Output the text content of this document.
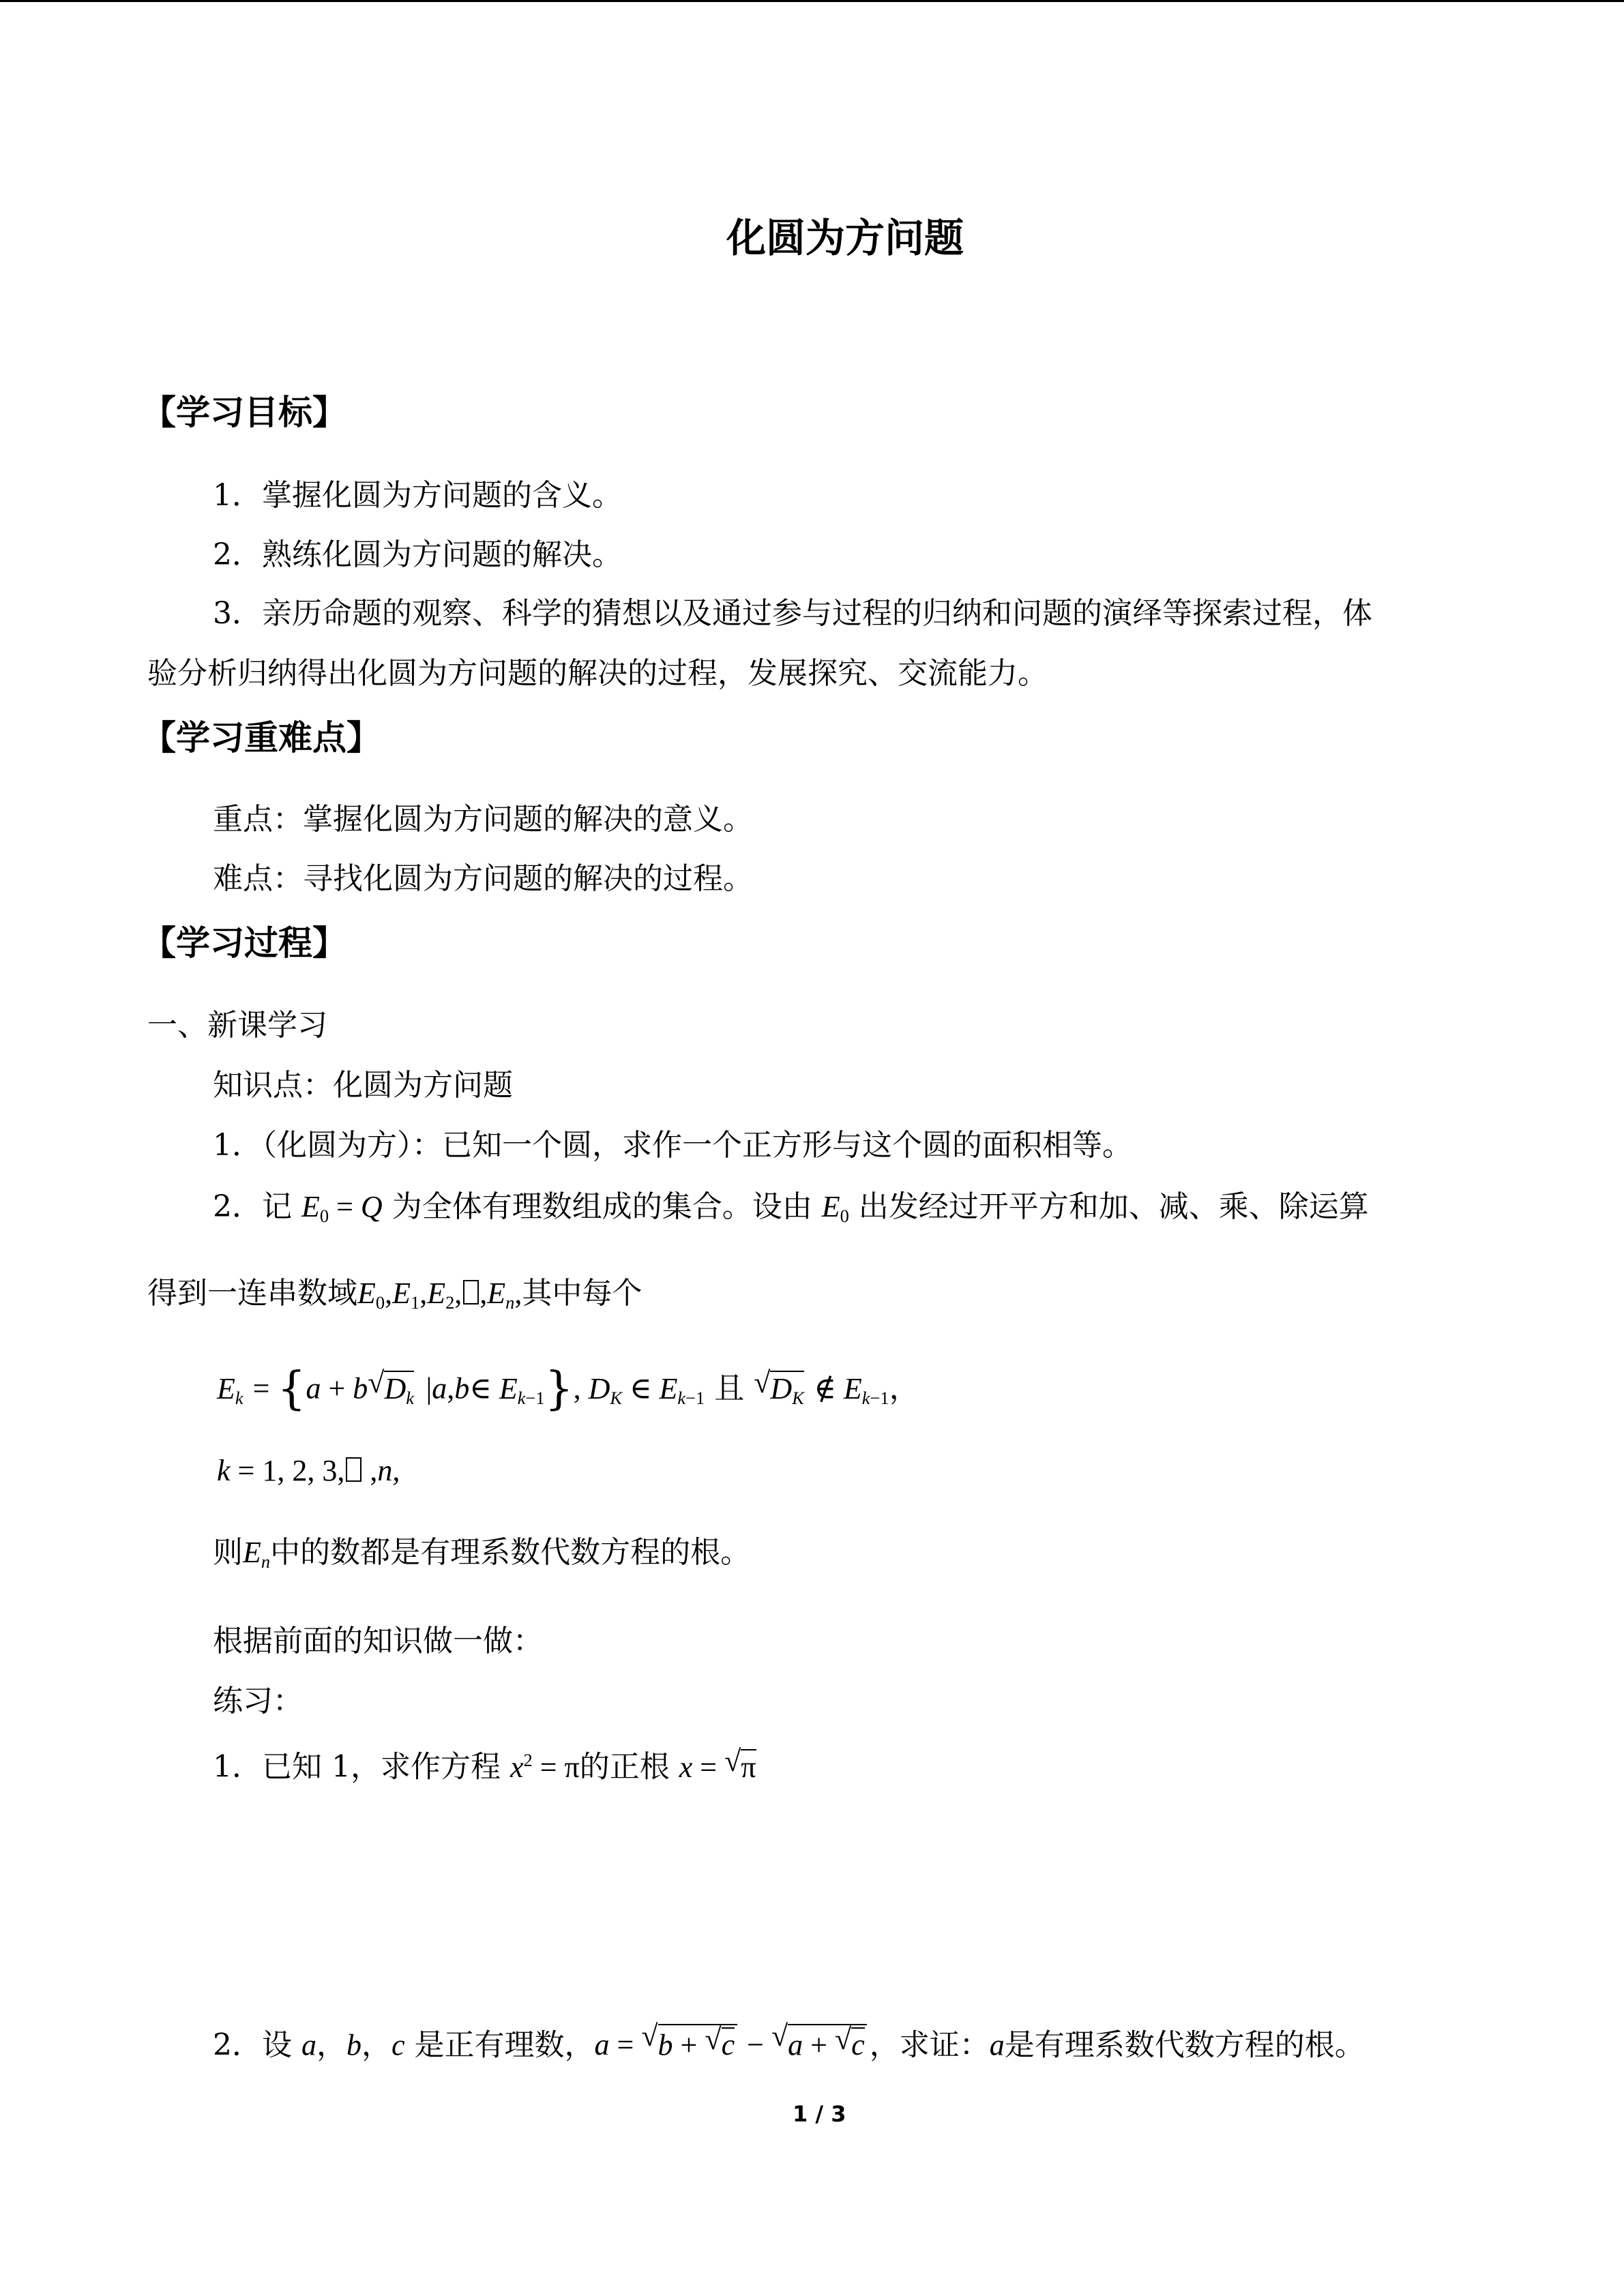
化圆为方问题
【学习目标】
1．掌握化圆为方问题的含义。
2．熟练化圆为方问题的解决。
3．亲历命题的观察、科学的猜想以及通过参与过程的归纳和问题的演绎等探索过程，体
验分析归纳得出化圆为方问题的解决的过程，发展探究、交流能力。
【学习重难点】
重点：掌握化圆为方问题的解决的意义。
难点：寻找化圆为方问题的解决的过程。
【学习过程】
一、新课学习
知识点：化圆为方问题
1．（化圆为方）：已知一个圆，求作一个正方形与这个圆的面积相等。
2．记 $E_0 = Q$ 为全体有理数组成的集合。设由 $E_0$ 出发经过开平方和加、减、乘、除运算
得到一连串数域$E_0,E_1,E_2$, $,E_n$,其中每个
$E_k = \{a + b√$ $D_k$ |a,b∈ $E_{k-1}$}, $D_K$ ∈ $E_{k-1}$ 且 √ $D_K$ ∉ $E_{k-1}$，
k = 1, 2, 3, ,n,
则$E_n$中的数都是有理系数代数方程的根。
根据前面的知识做一做：
练习：
1．已知 1，求作方程 $x^2 = \pi$的正根 x = √ π
2．设 a，b，c 是正有理数，a = √ b + √ c − √ a + √ c ，求证：a是有理系数代数方程的根。
1 / 3
